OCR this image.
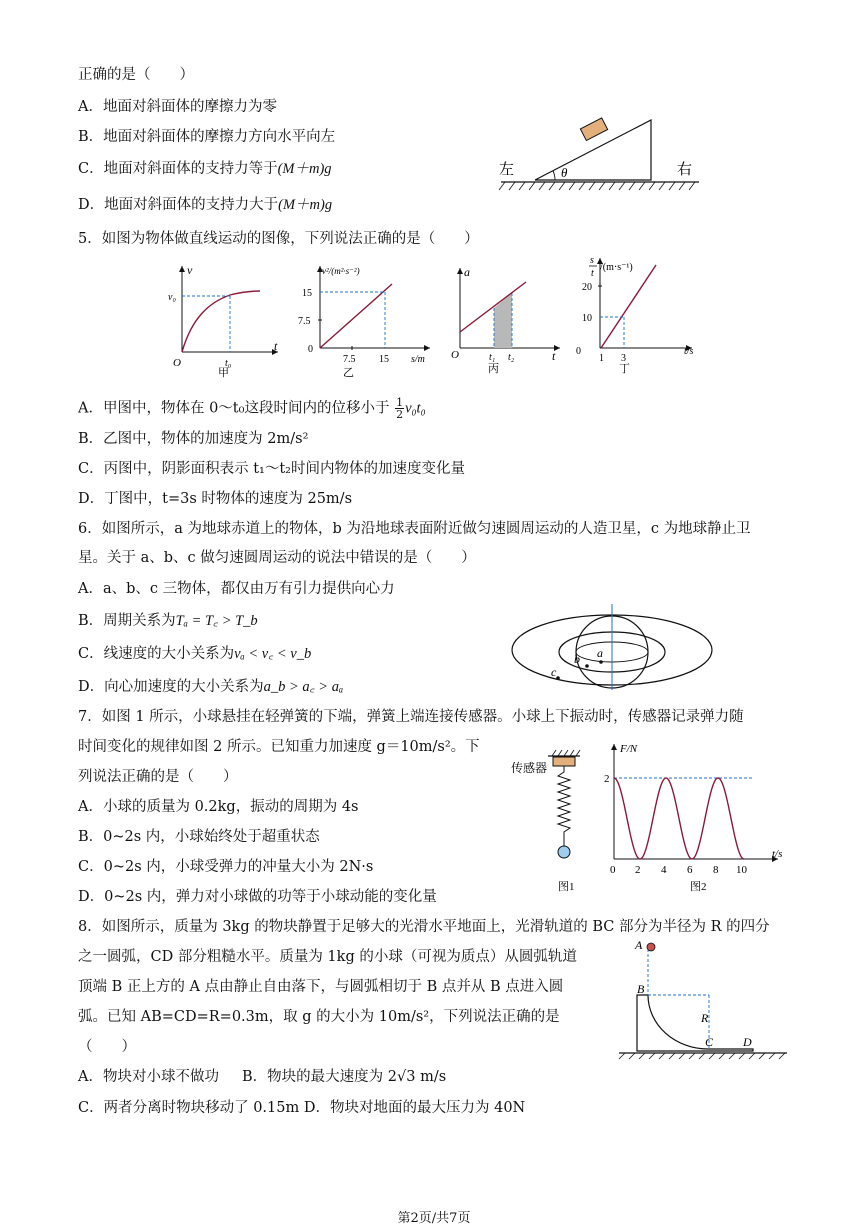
正确的是（　　）
A．地面对斜面体的摩擦力为零
B．地面对斜面体的摩擦力方向水平向左
C．地面对斜面体的支持力等于(M＋m)g
D．地面对斜面体的支持力大于(M＋m)g
θ
左	右
5．如图为物体做直线运动的图像，下列说法正确的是（　　）
v
t
v₀
t₀
O
甲
v²/(m²·s⁻²)
s/m
15
7.5
0
7.5 15
乙
a
t
O	t₁ t₂
丙
s
t
/(m·s⁻¹)
t/s
20
10
0
1 3
丁
A．甲图中，物体在 0～t₀这段时间内的位移小于 $\frac{1}{2} v_0t_0$
B．乙图中，物体的加速度为 2m/s²
C．丙图中，阴影面积表示 t₁～t₂时间内物体的加速度变化量
D．丁图中，t=3s 时物体的速度为 25m/s
6．如图所示，a 为地球赤道上的物体，b 为沿地球表面附近做匀速圆周运动的人造卫星，c 为地球静止卫
星。关于 a、b、c 做匀速圆周运动的说法中错误的是（　　）
A．a、b、c 三物体，都仅由万有引力提供向心力
B．周期关系为Tₐ = T꜀ > T_b
C．线速度的大小关系为vₐ < v꜀ < v_b
D．向心加速度的大小关系为a_b > a꜀ > aₐ
a
b
c
7．如图 1 所示，小球悬挂在轻弹簧的下端，弹簧上端连接传感器。小球上下振动时，传感器记录弹力随
时间变化的规律如图 2 所示。已知重力加速度 g＝10m/s²。下
列说法正确的是（　　）
A．小球的质量为 0.2kg，振动的周期为 4s
B．0~2s 内，小球始终处于超重状态
C．0~2s 内，小球受弹力的冲量大小为 2N·s
D．0~2s 内，弹力对小球做的功等于小球动能的变化量
传感器
图1
F/N
t/s
2
0 2 4 6 8 10
图2
8．如图所示，质量为 3kg 的物块静置于足够大的光滑水平地面上，光滑轨道的 BC 部分为半径为 R 的四分
之一圆弧，CD 部分粗糙水平。质量为 1kg 的小球（可视为质点）从圆弧轨道
顶端 B 正上方的 A 点由静止自由落下，与圆弧相切于 B 点并从 B 点进入圆
弧。已知 AB=CD=R=0.3m，取 g 的大小为 10m/s²，下列说法正确的是
（　　）
A．物块对小球不做功 B．物块的最大速度为 2√3 m/s
C．两者分离时物块移动了 0.15m D．物块对地面的最大压力为 40N
A
B
C D
R
第2页/共7页
